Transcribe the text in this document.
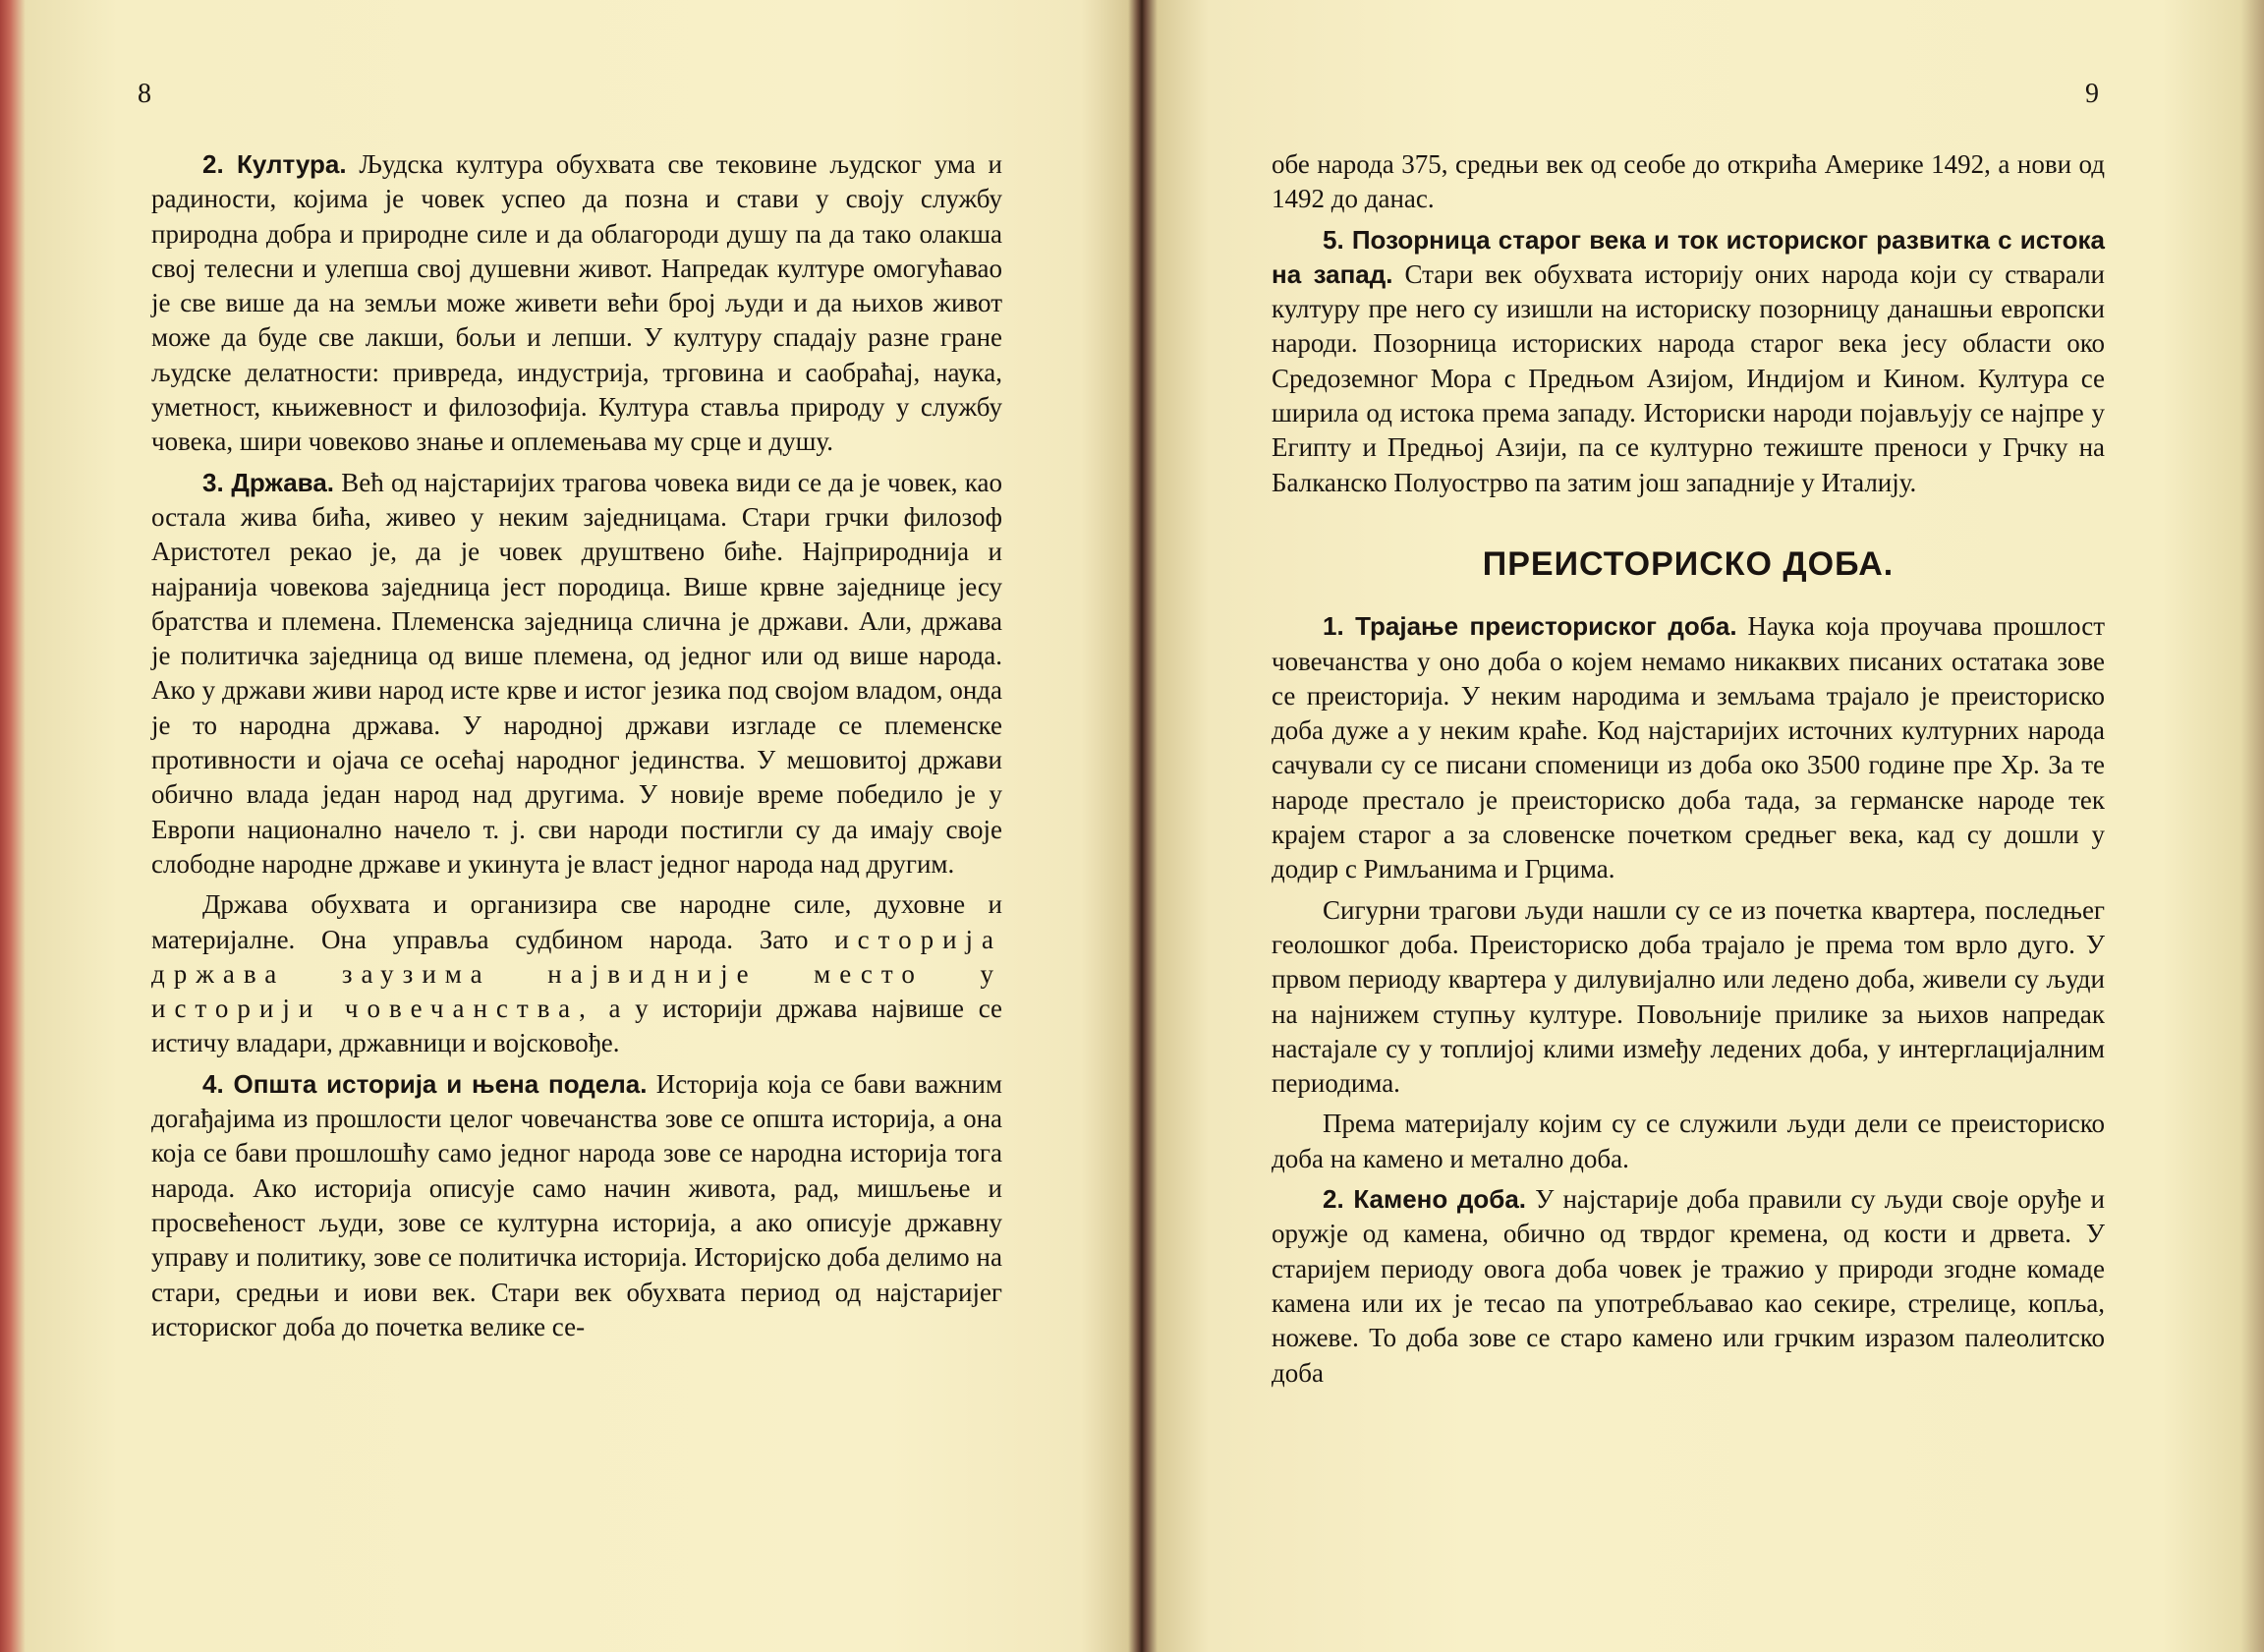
8

2. Култура. Људска култура обухвата све тековине људског ума и радиности, којима је човек успео да позна и стави у своју службу природна добра и природне силе и да облагороди душу па да тако олакша свој телесни и улепша свој душевни живот. Напредак културе омогућавао је све више да на земљи може живети већи број људи и да њихов живот може да буде све лакши, бољи и лепши. У културу спадају разне гране људске делатности: привреда, индустрија, трговина и саобраћај, наука, уметност, књижевност и филозофија. Култура ставља природу у службу човека, шири човеково знање и оплемењава му срце и душу.

3. Држава. Већ од најстаријих трагова човека види се да је човек, као остала жива бића, живео у неким заједницама. Стари грчки филозоф Аристотел рекао је, да је човек друштвено биће. Најприроднија и најранија човекова заједница јест породица. Више крвне заједнице јесу братства и племена. Племенска заједница слична је држави. Али, држава је политичка заједница од више племена, од једног или од више народа. Ако у држави живи народ исте крве и истог језика под својом владом, онда је то народна држава. У народној држави изгладе се племенске противности и ојача се осећај народног јединства. У мешовитој држави обично влада један народ над другима. У новије време победило је у Европи национално начело т. ј. сви народи постигли су да имају своје слободне народне државе и укинута је власт једног народа над другим.

Држава обухвата и организира све народне силе, духовне и материјалне. Она управља судбином народа. Зато историја држава заузима највидније место у историји човечанства, а у историји држава највише се истичу владари, државници и војсковође.

4. Општа историја и њена подела. Историја која се бави важним догађајима из прошлости целог човечанства зове се општа историја, а она која се бави прошлошћу само једног народа зове се народна историја тога народа. Ако историја описује само начин живота, рад, мишљење и просвећеност људи, зове се културна историја, а ако описује државну управу и политику, зове се политичка историја. Историјско доба делимо на стари, средњи и иови век. Стари век обухвата период од најстаријег историског доба до почетка велике се-

9

обе народа 375, средњи век од сеобе до открића Америке 1492, а нови од 1492 до данас.

5. Позорница старог века и ток историског развитка с истока на запад. Стари век обухвата историју оних народа који су стварали културу пре него су изишли на историску позорницу данашњи европски народи. Позорница историских народа старог века јесу области око Средоземног Мора с Предњом Азијом, Индијом и Кином. Култура се ширила од истока према западу. Историски народи појављују се најпре у Египту и Предњој Азији, па се културно тежиште преноси у Грчку на Балканско Полуострво па затим још западније у Италију.

ПРЕИСТОРИСКО ДОБА.

1. Трајање преисториског доба. Наука која проучава прошлост човечанства у оно доба о којем немамо никаквих писаних остатака зове се преисторија. У неким народима и земљама трајало је преисториско доба дуже а у неким краће. Код најстаријих источних културних народа сачували су се писани споменици из доба око 3500 године пре Хр. За те народе престало је преисториско доба тада, за германске народе тек крајем старог а за словенске почетком средњег века, кад су дошли у додир с Римљанима и Грцима.

Сигурни трагови људи нашли су се из почетка квартера, последњег геолошког доба. Преисториско доба трајало је према том врло дуго. У првом периоду квартера у дилувијално или ледено доба, живели су људи на најнижем ступњу културе. Повољније прилике за њихов напредак настајале су у топлијој клими између ледених доба, у интерглацијалним периодима.

Према материјалу којим су се служили људи дели се преисториско доба на камено и метално доба.

2. Камено доба. У најстарије доба правили су људи своје оруђе и оружје од камена, обично од тврдог кремена, од кости и дрвета. У старијем периоду овога доба човек је тражио у природи згодне комаде камена или их је тесао па употребљавао као секире, стрелице, копља, ножеве. То доба зове се старо камено или грчким изразом палеолитско доба
